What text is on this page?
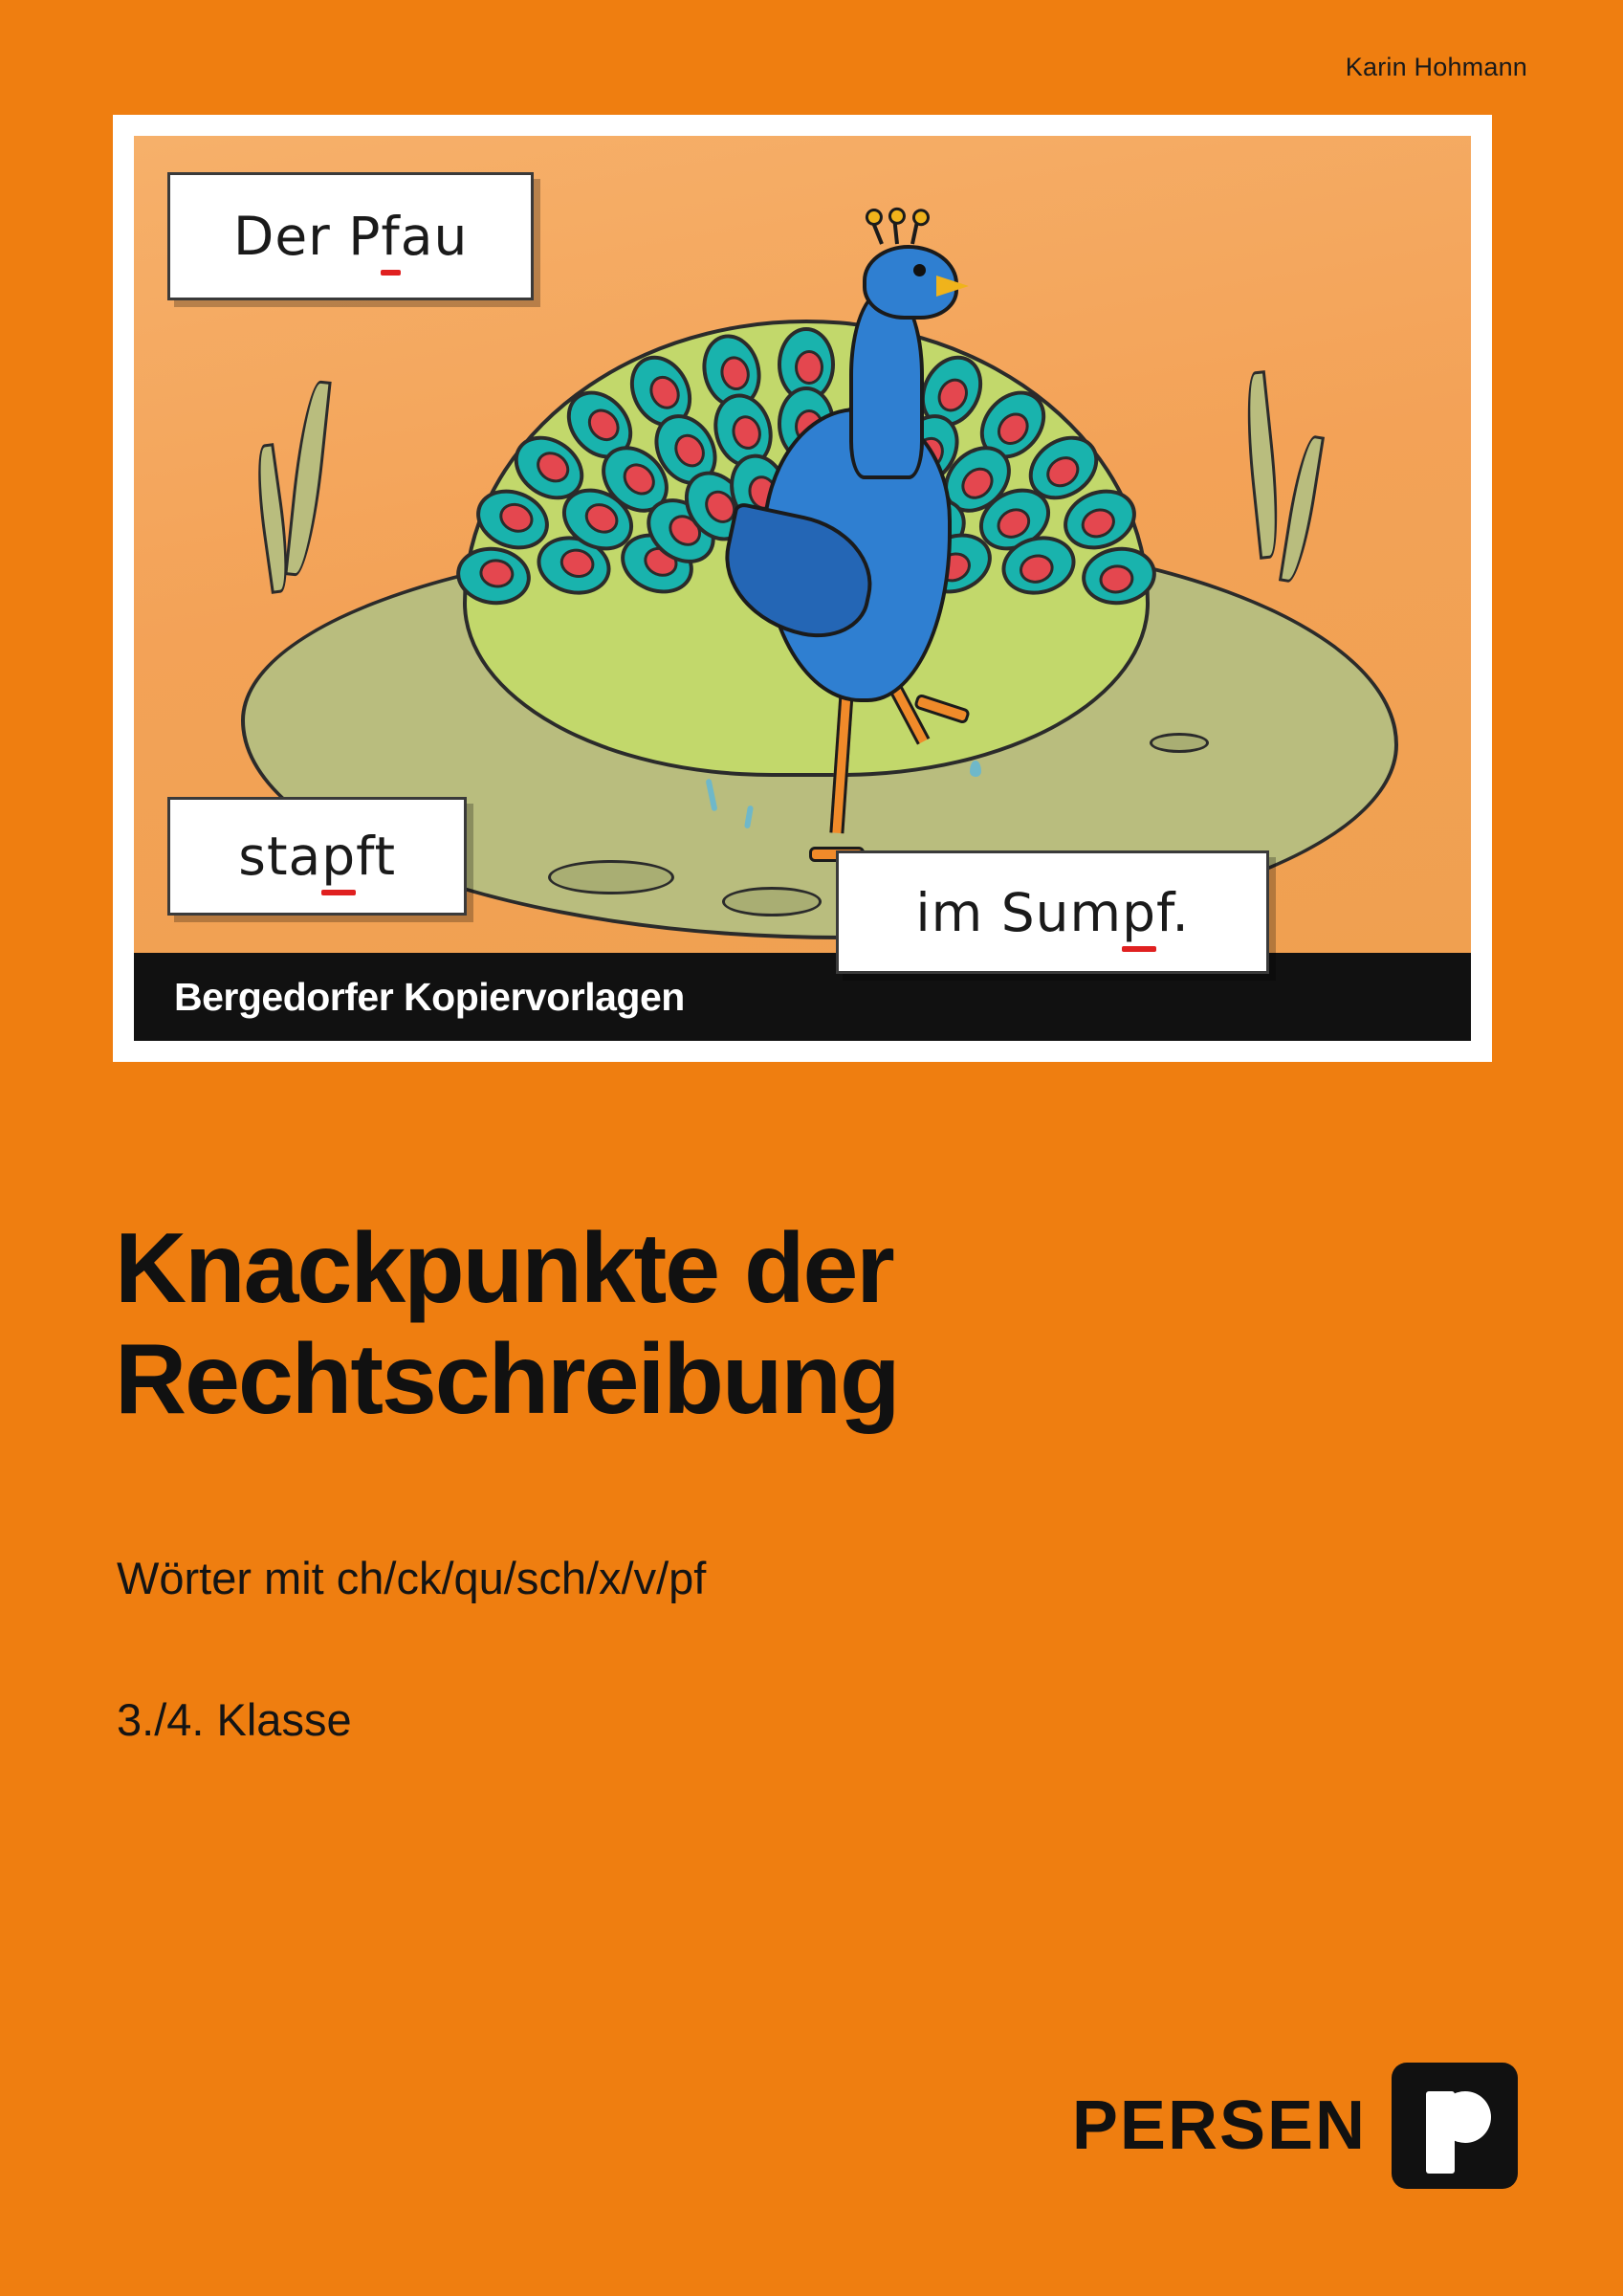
Karin Hohmann
Der Pfau
stapft
im Sumpf.
Bergedorfer Kopiervorlagen
Knackpunkte der
Rechtschreibung
Wörter mit ch/ck/qu/sch/x/v/pf
3./4. Klasse
PERSEN
